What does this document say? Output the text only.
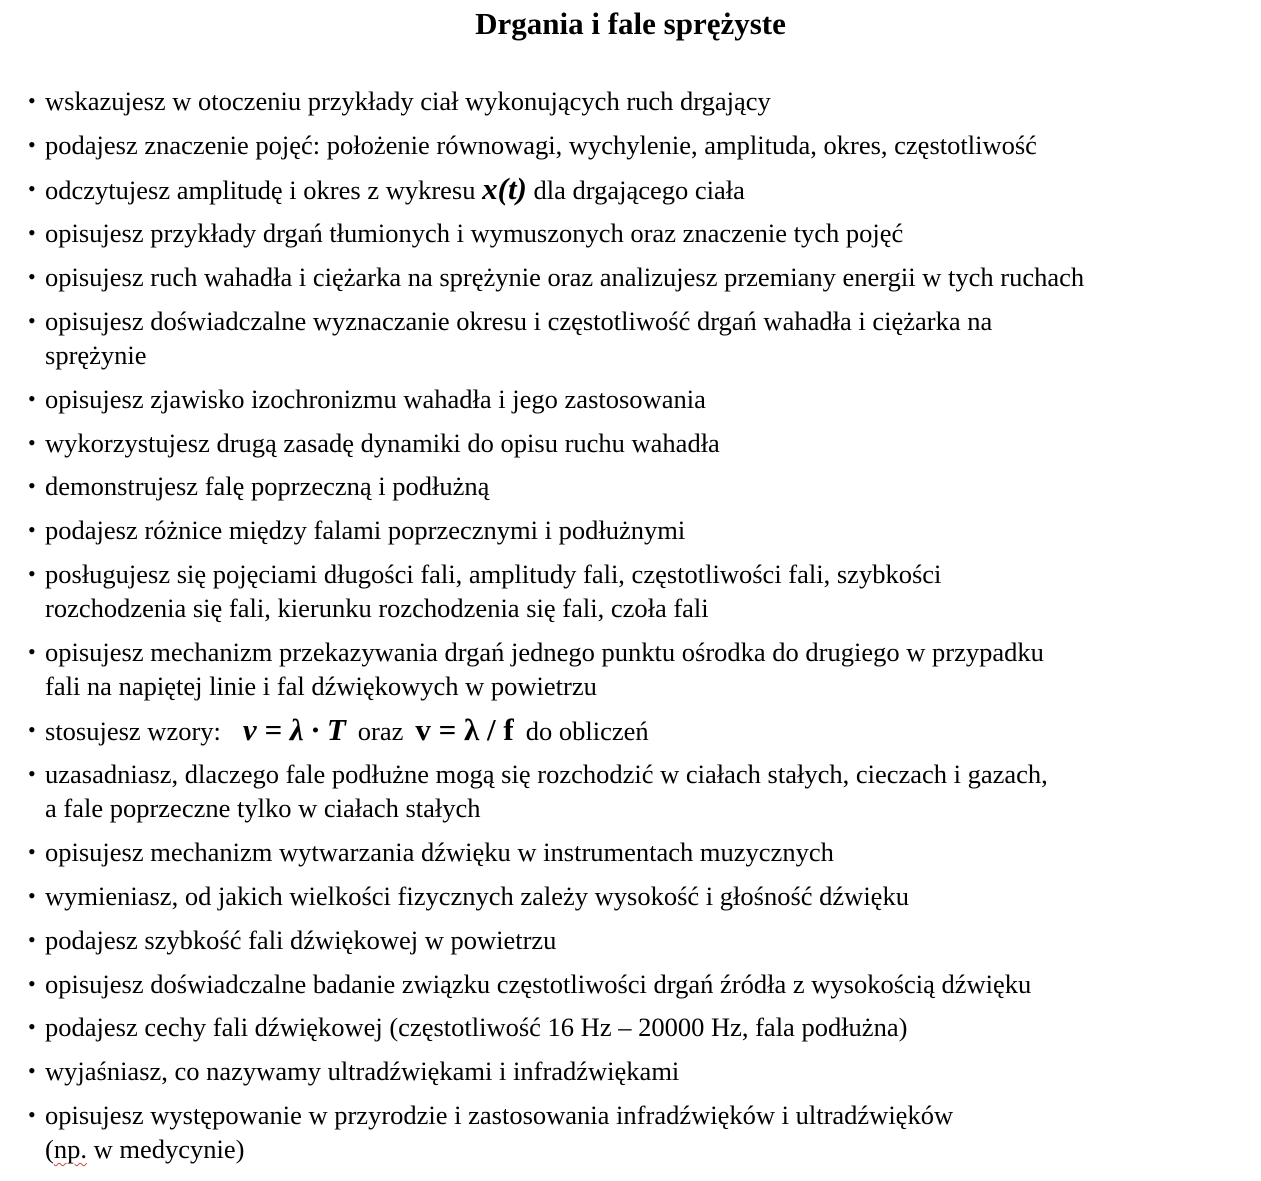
Drgania i fale sprężyste
• wskazujesz w otoczeniu przykłady ciał wykonujących ruch drgający
• podajesz znaczenie pojęć: położenie równowagi, wychylenie, amplituda, okres, częstotliwość
• odczytujesz amplitudę i okres z wykresu x(t) dla drgającego ciała
• opisujesz przykłady drgań tłumionych i wymuszonych oraz znaczenie tych pojęć
• opisujesz ruch wahadła i ciężarka na sprężynie oraz analizujesz przemiany energii w tych ruchach
• opisujesz doświadczalne wyznaczanie okresu i częstotliwość drgań wahadła i ciężarka na
sprężynie
• opisujesz zjawisko izochronizmu wahadła i jego zastosowania
• wykorzystujesz drugą zasadę dynamiki do opisu ruchu wahadła
• demonstrujesz falę poprzeczną i podłużną
• podajesz różnice między falami poprzecznymi i podłużnymi
• posługujesz się pojęciami długości fali, amplitudy fali, częstotliwości fali, szybkości
rozchodzenia się fali, kierunku rozchodzenia się fali, czoła fali
• opisujesz mechanizm przekazywania drgań jednego punktu ośrodka do drugiego w przypadku
fali na napiętej linie i fal dźwiękowych w powietrzu
• stosujesz wzory: v = λ · T oraz v = λ / f do obliczeń
• uzasadniasz, dlaczego fale podłużne mogą się rozchodzić w ciałach stałych, cieczach i gazach,
a fale poprzeczne tylko w ciałach stałych
• opisujesz mechanizm wytwarzania dźwięku w instrumentach muzycznych
• wymieniasz, od jakich wielkości fizycznych zależy wysokość i głośność dźwięku
• podajesz szybkość fali dźwiękowej w powietrzu
• opisujesz doświadczalne badanie związku częstotliwości drgań źródła z wysokością dźwięku
• podajesz cechy fali dźwiękowej (częstotliwość 16 Hz – 20000 Hz, fala podłużna)
• wyjaśniasz, co nazywamy ultradźwiękami i infradźwiękami
• opisujesz występowanie w przyrodzie i zastosowania infradźwięków i ultradźwięków
(np. w medycynie)
